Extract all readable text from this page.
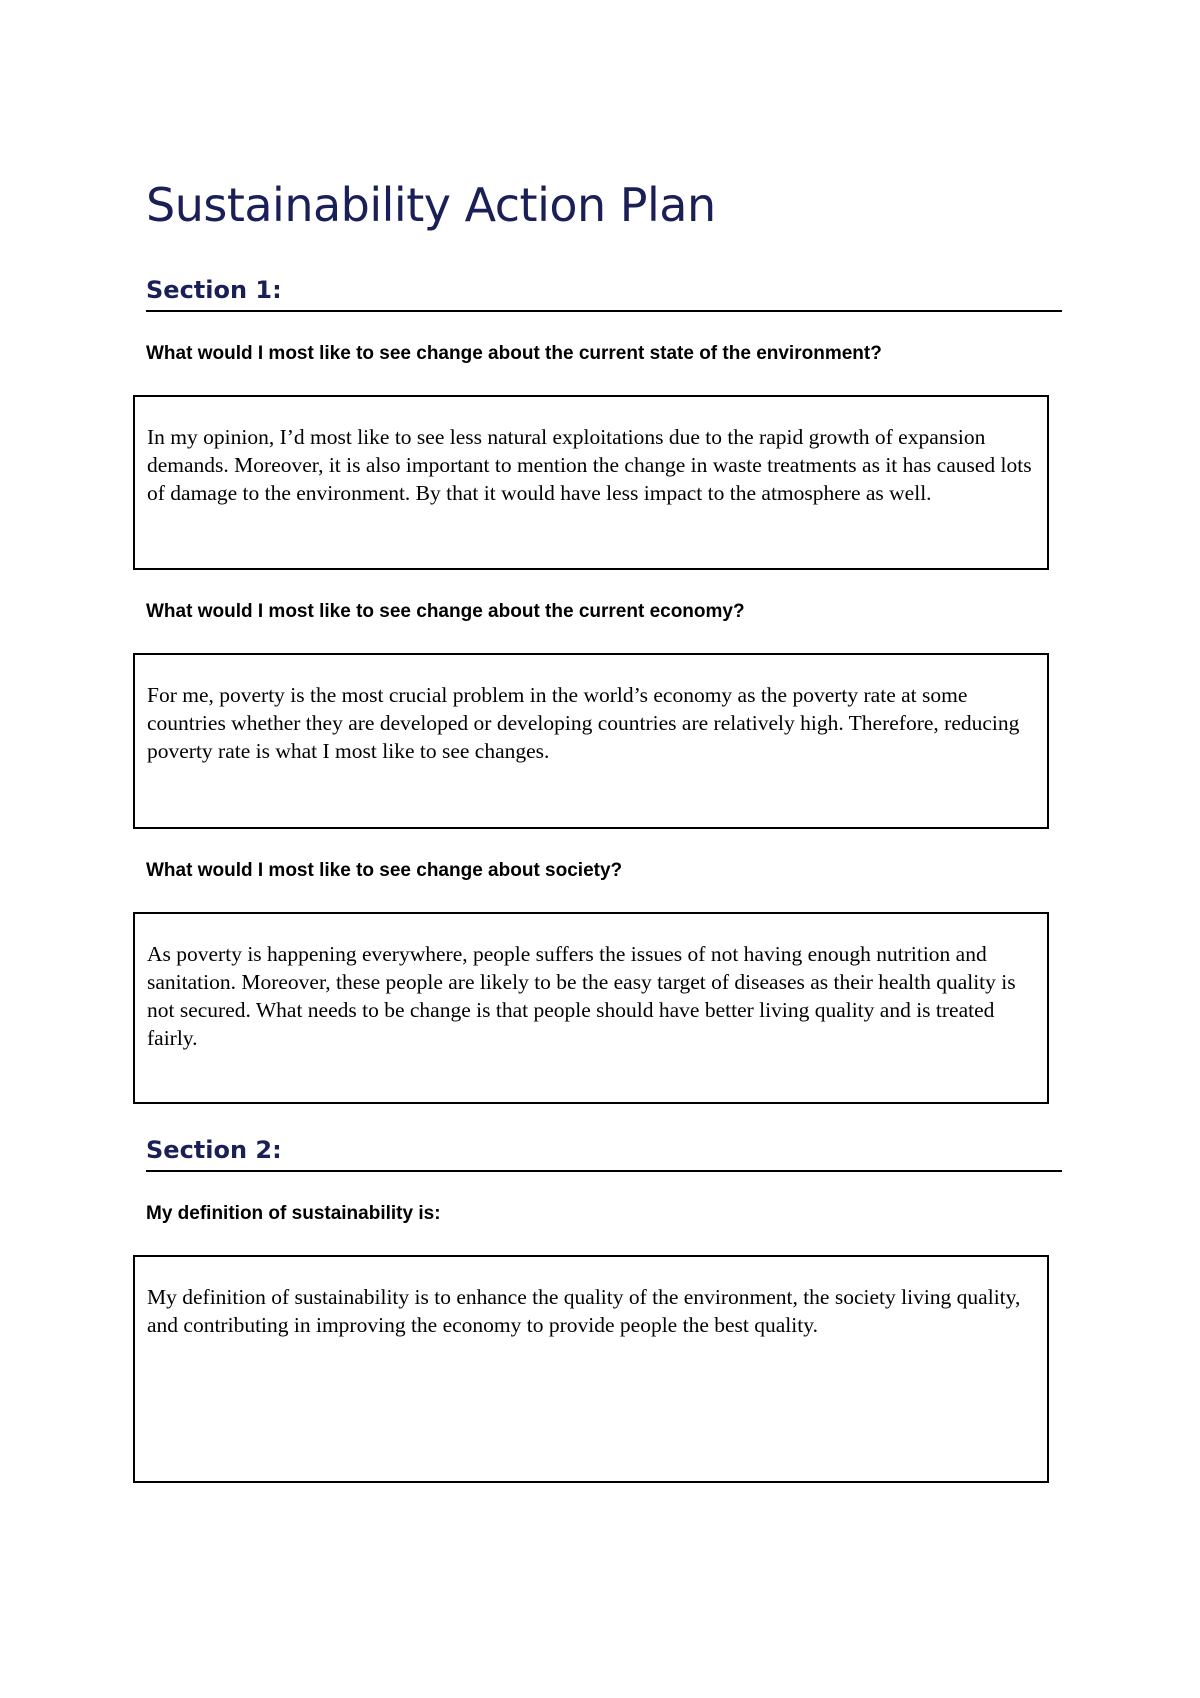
Sustainability Action Plan
Section 1:

What would I most like to see change about the current state of the environment?

In my opinion, I’d most like to see less natural exploitations due to the rapid growth of expansion demands. Moreover, it is also important to mention the change in waste treatments as it has caused lots of damage to the environment. By that it would have less impact to the atmosphere as well.

What would I most like to see change about the current economy?

For me, poverty is the most crucial problem in the world’s economy as the poverty rate at some countries whether they are developed or developing countries are relatively high. Therefore, reducing poverty rate is what I most like to see changes.

What would I most like to see change about society?

As poverty is happening everywhere, people suffers the issues of not having enough nutrition and sanitation. Moreover, these people are likely to be the easy target of diseases as their health quality is not secured. What needs to be change is that people should have better living quality and is treated fairly.
Section 2:

My definition of sustainability is:

My definition of sustainability is to enhance the quality of the environment, the society living quality, and contributing in improving the economy to provide people the best quality.
